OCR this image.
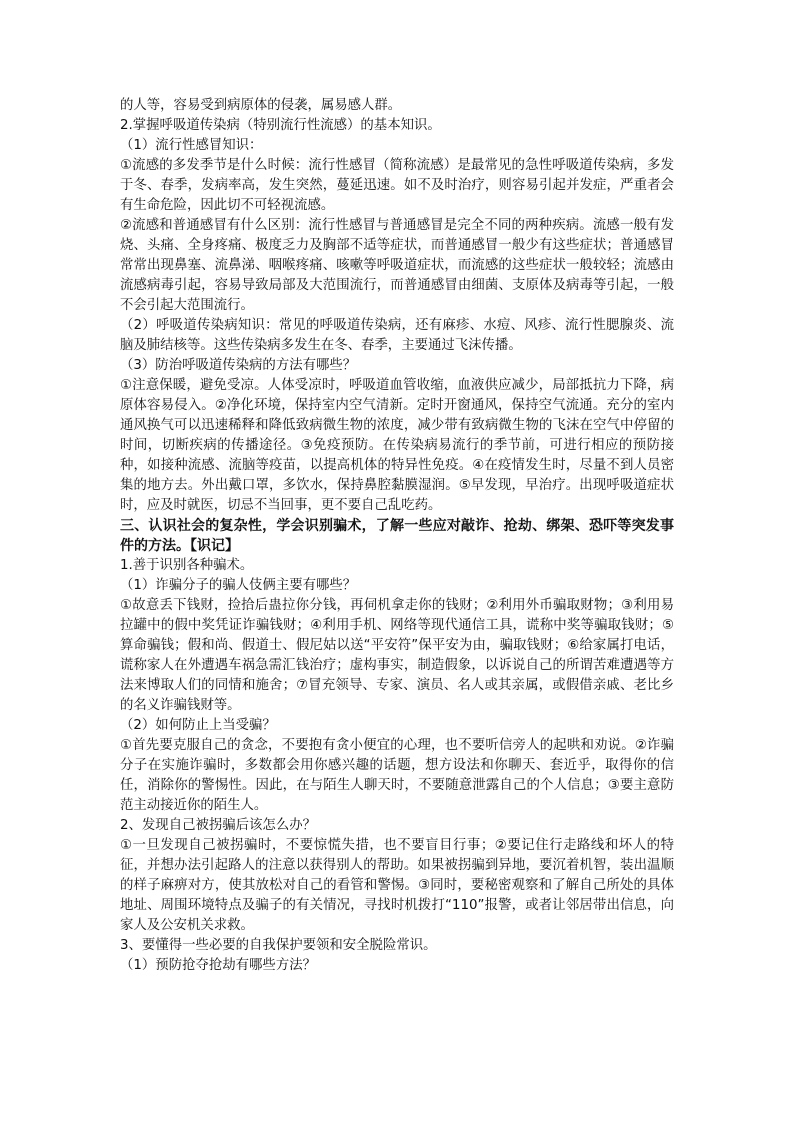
的人等，容易受到病原体的侵袭，属易感人群。

2.掌握呼吸道传染病（特别流行性流感）的基本知识。

（1）流行性感冒知识：

①流感的多发季节是什么时候：流行性感冒（简称流感）是最常见的急性呼吸道传染病，多发于冬、春季，发病率高，发生突然，蔓延迅速。如不及时治疗，则容易引起并发症，严重者会有生命危险，因此切不可轻视流感。

②流感和普通感冒有什么区别：流行性感冒与普通感冒是完全不同的两种疾病。流感一般有发烧、头痛、全身疼痛、极度乏力及胸部不适等症状，而普通感冒一般少有这些症状；普通感冒常常出现鼻塞、流鼻涕、咽喉疼痛、咳嗽等呼吸道症状，而流感的这些症状一般较轻；流感由流感病毒引起，容易导致局部及大范围流行，而普通感冒由细菌、支原体及病毒等引起，一般不会引起大范围流行。

（2）呼吸道传染病知识：常见的呼吸道传染病，还有麻疹、水痘、风疹、流行性腮腺炎、流脑及肺结核等。这些传染病多发生在冬、春季，主要通过飞沫传播。

（3）防治呼吸道传染病的方法有哪些？

①注意保暖，避免受凉。人体受凉时，呼吸道血管收缩，血液供应减少，局部抵抗力下降，病原体容易侵入。②净化环境，保持室内空气清新。定时开窗通风，保持空气流通。充分的室内通风换气可以迅速稀释和降低致病微生物的浓度，减少带有致病微生物的飞沫在空气中停留的时间，切断疾病的传播途径。③免疫预防。在传染病易流行的季节前，可进行相应的预防接种，如接种流感、流脑等疫苗，以提高机体的特异性免疫。④在疫情发生时，尽量不到人员密集的地方去。外出戴口罩，多饮水，保持鼻腔黏膜湿润。⑤早发现，早治疗。出现呼吸道症状时，应及时就医，切忌不当回事，更不要自己乱吃药。

三、认识社会的复杂性，学会识别骗术，了解一些应对敲诈、抢劫、绑架、恐吓等突发事件的方法。【识记】

1.善于识别各种骗术。

（1）诈骗分子的骗人伎俩主要有哪些？

①故意丢下钱财，捡拾后蛊拉你分钱，再伺机拿走你的钱财；②利用外币骗取财物；③利用易拉罐中的假中奖凭证诈骗钱财；④利用手机、网络等现代通信工具，谎称中奖等骗取钱财；⑤算命骗钱；假和尚、假道士、假尼姑以送“平安符”保平安为由，骗取钱财；⑥给家属打电话，谎称家人在外遭遇车祸急需汇钱治疗；虚构事实，制造假象，以诉说自己的所谓苦难遭遇等方法来博取人们的同情和施舍；⑦冒充领导、专家、演员、名人或其亲属，或假借亲戚、老比乡的名义诈骗钱财等。

（2）如何防止上当受骗？

①首先要克服自己的贪念，不要抱有贪小便宜的心理，也不要听信旁人的起哄和劝说。②诈骗分子在实施诈骗时，多数都会用你感兴趣的话题，想方设法和你聊天、套近乎，取得你的信任，消除你的警惕性。因此，在与陌生人聊天时，不要随意泄露自己的个人信息；③要主意防范主动接近你的陌生人。

2、发现自己被拐骗后该怎么办？

①一旦发现自己被拐骗时，不要惊慌失措，也不要盲目行事；②要记住行走路线和坏人的特征，并想办法引起路人的注意以获得别人的帮助。如果被拐骗到异地，要沉着机智，装出温顺的样子麻痹对方，使其放松对自己的看管和警惕。③同时，要秘密观察和了解自己所处的具体地址、周围环境特点及骗子的有关情况，寻找时机拨打“110”报警，或者让邻居带出信息，向家人及公安机关求救。

3、要懂得一些必要的自我保护要领和安全脱险常识。

（1）预防抢夺抢劫有哪些方法？
